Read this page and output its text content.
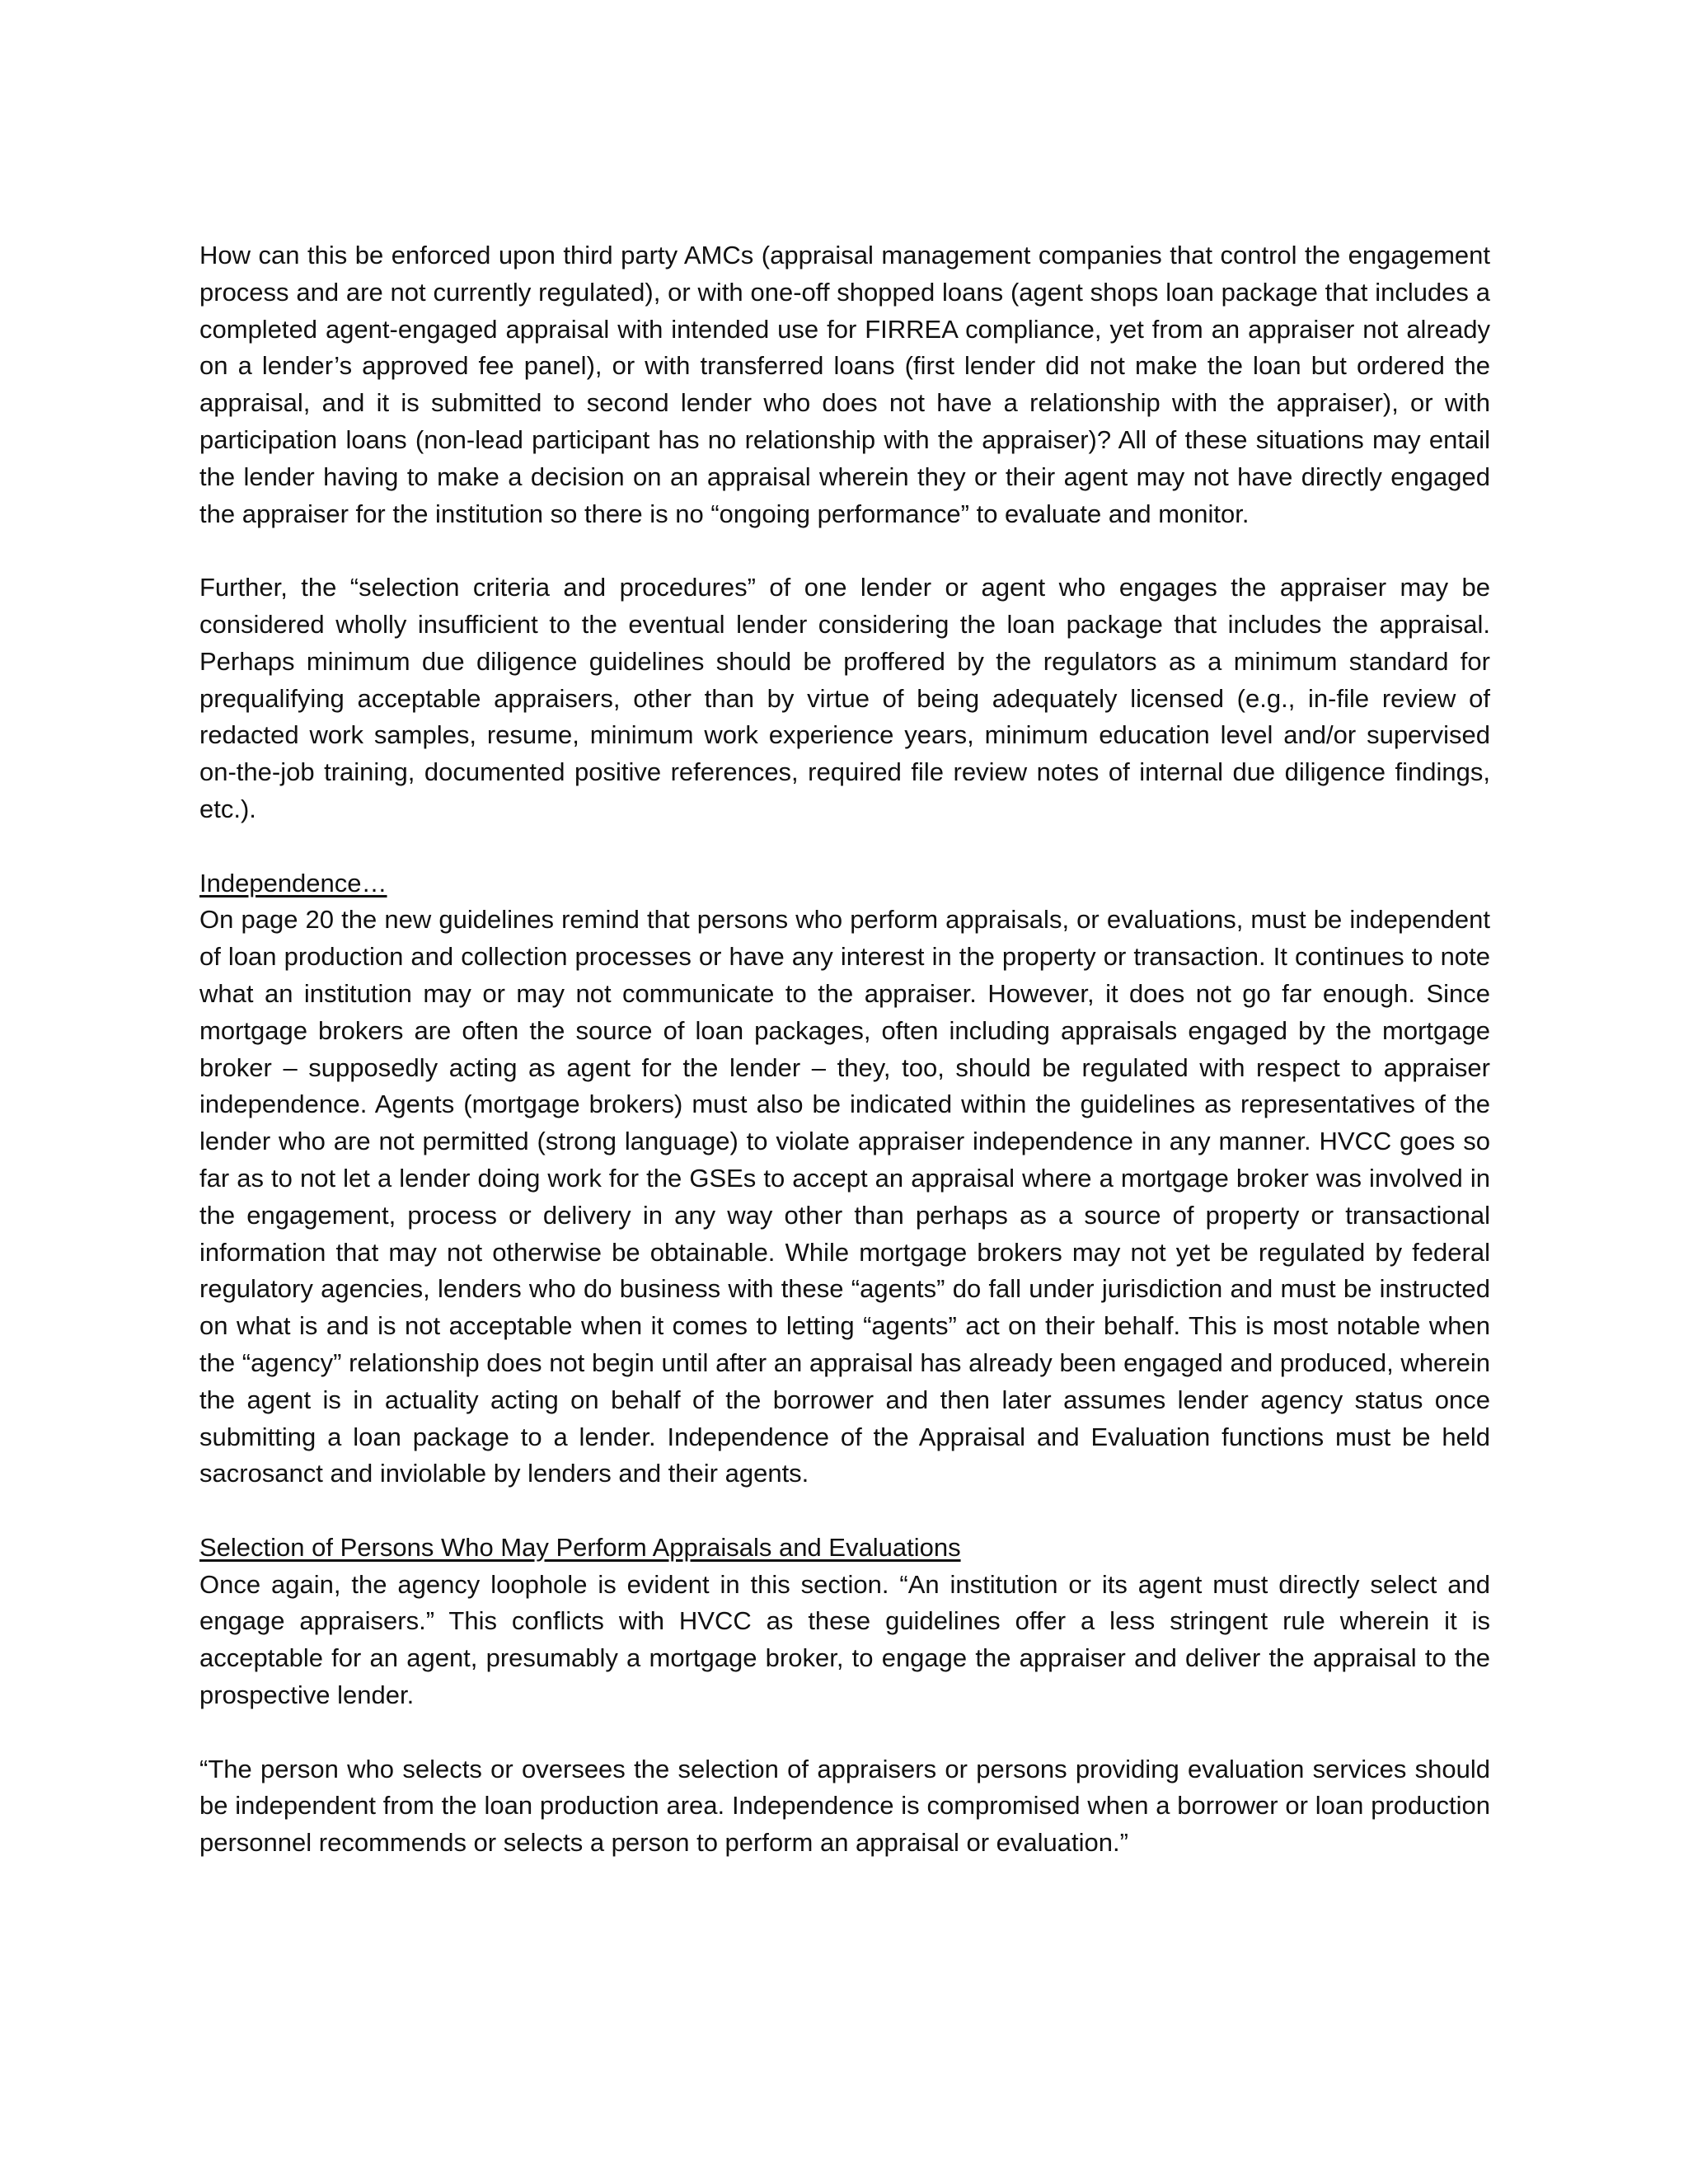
How can this be enforced upon third party AMCs (appraisal management companies that control the engagement process and are not currently regulated), or with one-off shopped loans (agent shops loan package that includes a completed agent-engaged appraisal with intended use for FIRREA compliance, yet from an appraiser not already on a lender’s approved fee panel), or with transferred loans (first lender did not make the loan but ordered the appraisal, and it is submitted to second lender who does not have a relationship with the appraiser), or with participation loans (non-lead participant has no relationship with the appraiser)? All of these situations may entail the lender having to make a decision on an appraisal wherein they or their agent may not have directly engaged the appraiser for the institution so there is no “ongoing performance” to evaluate and monitor.

Further, the “selection criteria and procedures” of one lender or agent who engages the appraiser may be considered wholly insufficient to the eventual lender considering the loan package that includes the appraisal. Perhaps minimum due diligence guidelines should be proffered by the regulators as a minimum standard for prequalifying acceptable appraisers, other than by virtue of being adequately licensed (e.g., in-file review of redacted work samples, resume, minimum work experience years, minimum education level and/or supervised on-the-job training, documented positive references, required file review notes of internal due diligence findings, etc.).

Independence…

On page 20 the new guidelines remind that persons who perform appraisals, or evaluations, must be independent of loan production and collection processes or have any interest in the property or transaction. It continues to note what an institution may or may not communicate to the appraiser. However, it does not go far enough. Since mortgage brokers are often the source of loan packages, often including appraisals engaged by the mortgage broker – supposedly acting as agent for the lender – they, too, should be regulated with respect to appraiser independence. Agents (mortgage brokers) must also be indicated within the guidelines as representatives of the lender who are not permitted (strong language) to violate appraiser independence in any manner. HVCC goes so far as to not let a lender doing work for the GSEs to accept an appraisal where a mortgage broker was involved in the engagement, process or delivery in any way other than perhaps as a source of property or transactional information that may not otherwise be obtainable. While mortgage brokers may not yet be regulated by federal regulatory agencies, lenders who do business with these “agents” do fall under jurisdiction and must be instructed on what is and is not acceptable when it comes to letting “agents” act on their behalf. This is most notable when the “agency” relationship does not begin until after an appraisal has already been engaged and produced, wherein the agent is in actuality acting on behalf of the borrower and then later assumes lender agency status once submitting a loan package to a lender. Independence of the Appraisal and Evaluation functions must be held sacrosanct and inviolable by lenders and their agents.

Selection of Persons Who May Perform Appraisals and Evaluations

Once again, the agency loophole is evident in this section. “An institution or its agent must directly select and engage appraisers.” This conflicts with HVCC as these guidelines offer a less stringent rule wherein it is acceptable for an agent, presumably a mortgage broker, to engage the appraiser and deliver the appraisal to the prospective lender.

“The person who selects or oversees the selection of appraisers or persons providing evaluation services should be independent from the loan production area. Independence is compromised when a borrower or loan production personnel recommends or selects a person to perform an appraisal or evaluation.”
